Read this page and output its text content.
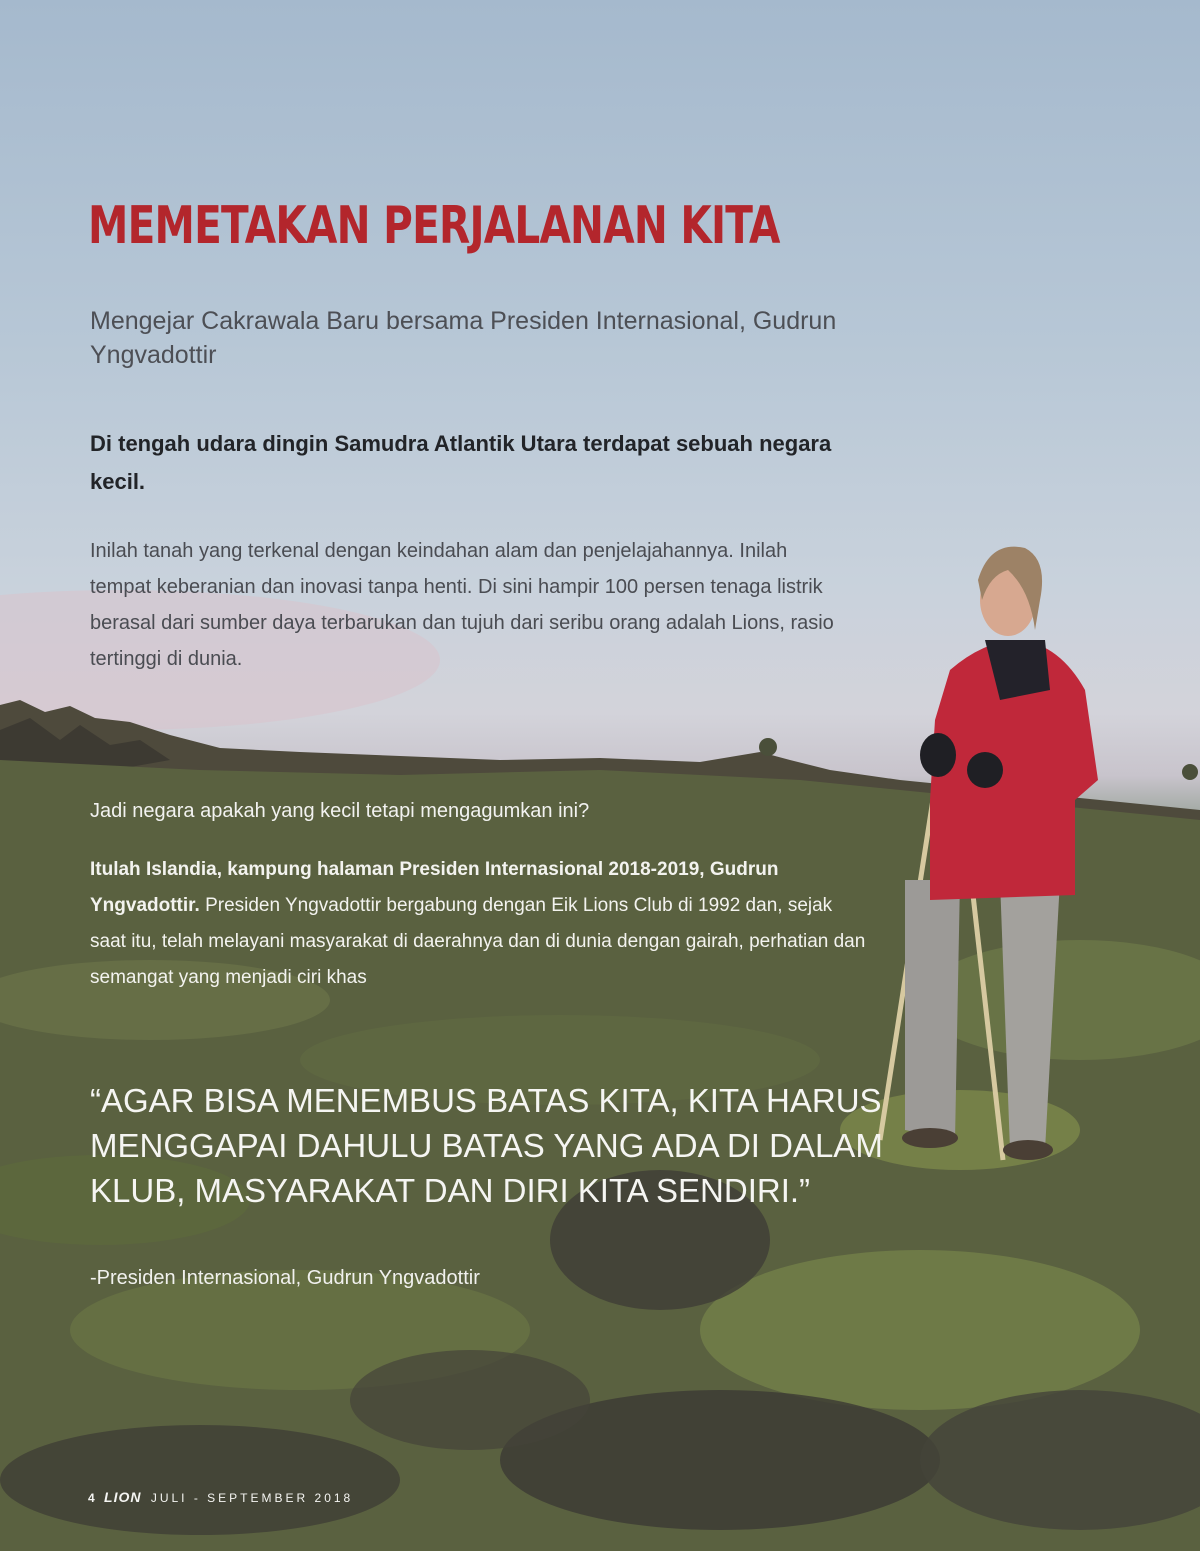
MEMETAKAN PERJALANAN KITA

Mengejar Cakrawala Baru bersama Presiden Internasional, Gudrun Yngvadottir

Di tengah udara dingin Samudra Atlantik Utara terdapat sebuah negara kecil.

Inilah tanah yang terkenal dengan keindahan alam dan penjelajahannya. Inilah tempat keberanian dan inovasi tanpa henti. Di sini hampir 100 persen tenaga listrik berasal dari sumber daya terbarukan dan tujuh dari seribu orang adalah Lions, rasio tertinggi di dunia.

Jadi negara apakah yang kecil tetapi mengagumkan ini?

Itulah Islandia, kampung halaman Presiden Internasional 2018-2019, Gudrun Yngvadottir. Presiden Yngvadottir bergabung dengan Eik Lions Club di 1992 dan, sejak saat itu, telah melayani masyarakat di daerahnya dan di dunia dengan gairah, perhatian dan semangat yang menjadi ciri khas

“AGAR BISA MENEMBUS BATAS KITA, KITA HARUS MENGGAPAI DAHULU BATAS YANG ADA DI DALAM KLUB, MASYARAKAT DAN DIRI KITA SENDIRI.”

-Presiden Internasional, Gudrun Yngvadottir

4 LION JULI - SEPTEMBER 2018
